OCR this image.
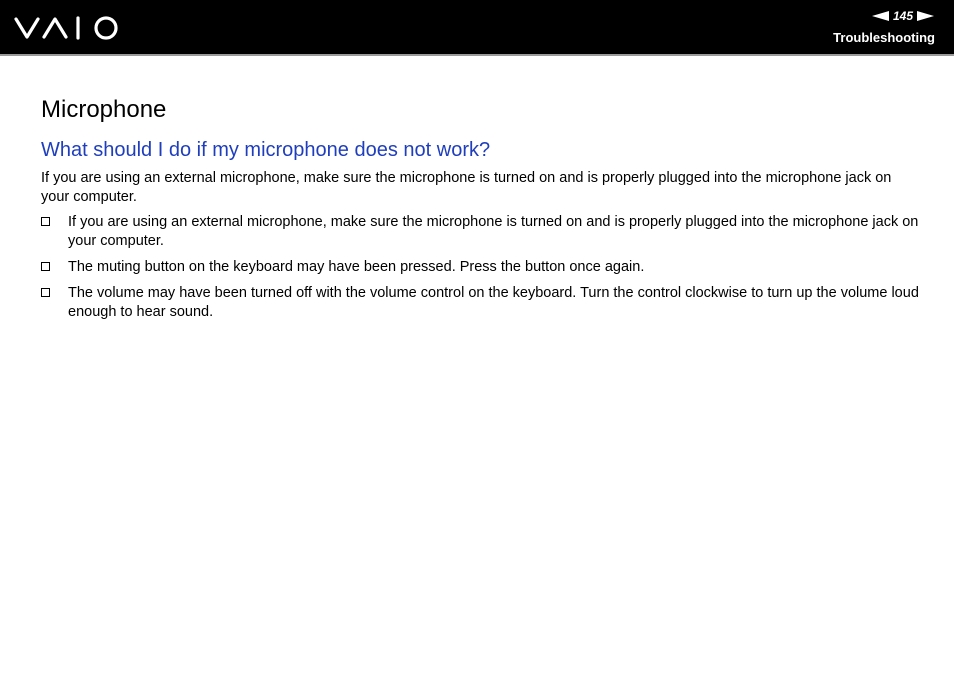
145
Troubleshooting
Microphone
What should I do if my microphone does not work?

If you are using an external microphone, make sure the microphone is turned on and is properly plugged into the microphone jack on your computer.

If you are using an external microphone, make sure the microphone is turned on and is properly plugged into the microphone jack on your computer.
The muting button on the keyboard may have been pressed. Press the button once again.
The volume may have been turned off with the volume control on the keyboard. Turn the control clockwise to turn up the volume loud enough to hear sound.
